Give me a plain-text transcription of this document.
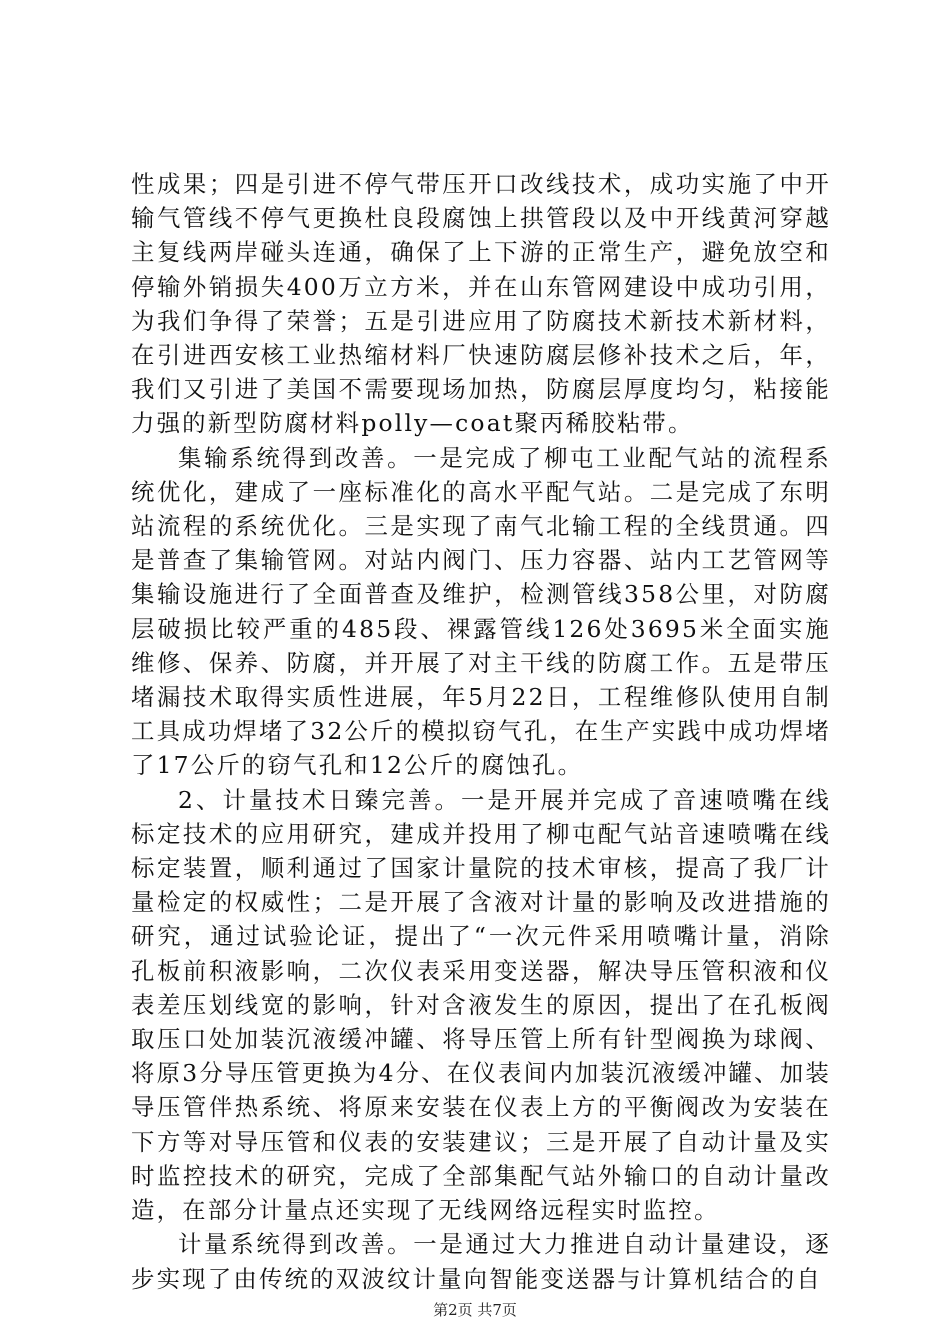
性成果；四是引进不停气带压开口改线技术，成功实施了中开输气管线不停气更换杜良段腐蚀上拱管段以及中开线黄河穿越主复线两岸碰头连通，确保了上下游的正常生产，避免放空和停输外销损失400万立方米，并在山东管网建设中成功引用，为我们争得了荣誉；五是引进应用了防腐技术新技术新材料，在引进西安核工业热缩材料厂快速防腐层修补技术之后，年，我们又引进了美国不需要现场加热，防腐层厚度均匀，粘接能力强的新型防腐材料polly—coat聚丙稀胶粘带。

集输系统得到改善。一是完成了柳屯工业配气站的流程系统优化，建成了一座标准化的高水平配气站。二是完成了东明站流程的系统优化。三是实现了南气北输工程的全线贯通。四是普查了集输管网。对站内阀门、压力容器、站内工艺管网等集输设施进行了全面普查及维护，检测管线358公里，对防腐层破损比较严重的485段、裸露管线126处3695米全面实施维修、保养、防腐，并开展了对主干线的防腐工作。五是带压堵漏技术取得实质性进展，年5月22日，工程维修队使用自制工具成功焊堵了32公斤的模拟窃气孔，在生产实践中成功焊堵了17公斤的窃气孔和12公斤的腐蚀孔。

2、计量技术日臻完善。一是开展并完成了音速喷嘴在线标定技术的应用研究，建成并投用了柳屯配气站音速喷嘴在线标定装置，顺利通过了国家计量院的技术审核，提高了我厂计量检定的权威性；二是开展了含液对计量的影响及改进措施的研究，通过试验论证，提出了“一次元件采用喷嘴计量，消除孔板前积液影响，二次仪表采用变送器，解决导压管积液和仪表差压划线宽的影响，针对含液发生的原因，提出了在孔板阀取压口处加装沉液缓冲罐、将导压管上所有针型阀换为球阀、将原3分导压管更换为4分、在仪表间内加装沉液缓冲罐、加装导压管伴热系统、将原来安装在仪表上方的平衡阀改为安装在下方等对导压管和仪表的安装建议；三是开展了自动计量及实时监控技术的研究，完成了全部集配气站外输口的自动计量改造，在部分计量点还实现了无线网络远程实时监控。

计量系统得到改善。一是通过大力推进自动计量建设，逐步实现了由传统的双波纹计量向智能变送器与计算机结合的自

第2页 共7页
